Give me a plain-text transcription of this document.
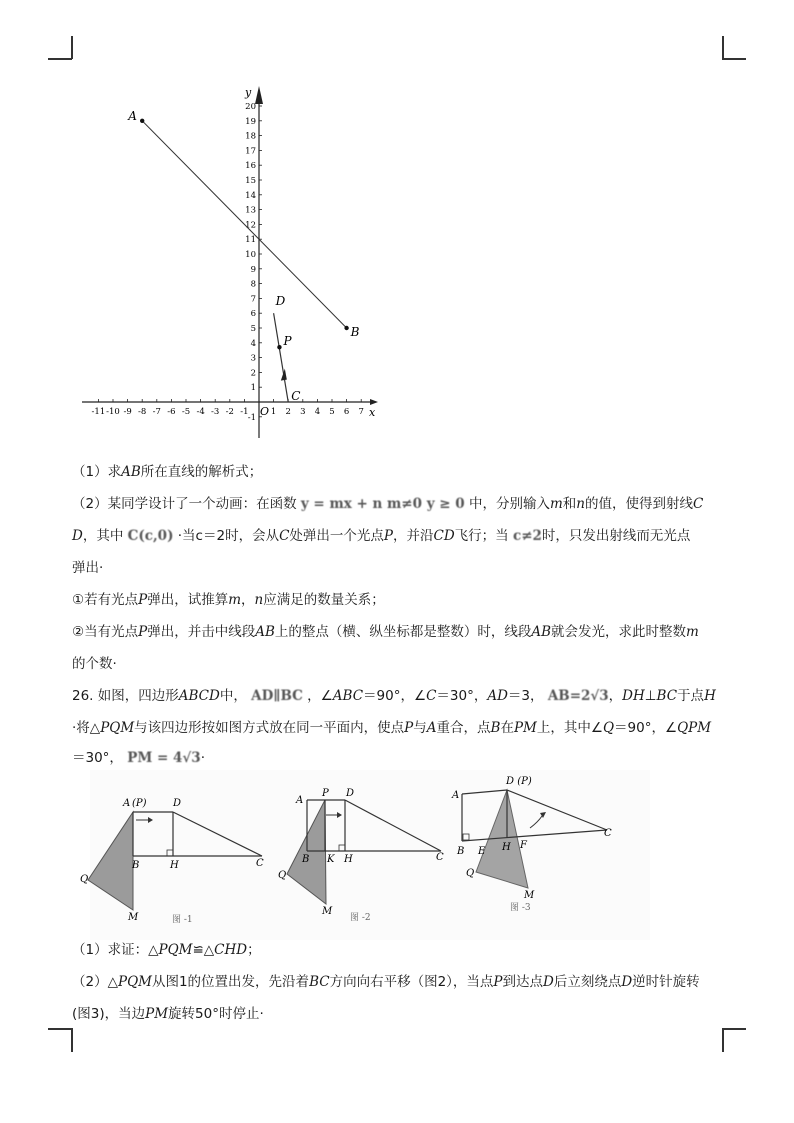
x
y
O
-11 -10 -9 -8 -7 -6 -5 -4 -3 -2 -1	1 2 3 4 5 6 7
-1
1
2
3
4
5
6
7
8
9
10
11
12
13
14
15
16
17
18
19
20
A
B
P
D
C
（1）求AB所在直线的解析式；
（2）某同学设计了一个动画：在函数 y = mx + n m≠0 y ≥ 0 中，分别输入m和n的值，使得到射线C
D，其中 C(c,0) ·当c＝2时，会从C处弹出一个光点P，并沿CD飞行；当 c≠2时，只发出射线而无光点
弹出·
①若有光点P弹出，试推算m，n应满足的数量关系；
②当有光点P弹出，并击中线段AB上的整点（横、纵坐标都是整数）时，线段AB就会发光，求此时整数m
的个数·
26. 如图，四边形ABCD中， AD∥BC ，∠ABC＝90°，∠C＝30°，AD＝3， AB=2√3，DH⊥BC于点H
·将△PQM与该四边形按如图方式放在同一平面内，使点P与A重合，点B在PM上，其中∠Q＝90°，∠QPM
＝30°， PM = 4√3·
A (P)	D
B	H	C
Q
M	图 -1
A
P D
B K H	C
Q
M
图 -2
D (P)
A
B E H F
C
Q
M
图 -3
（1）求证：△PQM≌△CHD；
（2）△PQM从图1的位置出发，先沿着BC方向向右平移（图2），当点P到达点D后立刻绕点D逆时针旋转
(图3)，当边PM旋转50°时停止·
